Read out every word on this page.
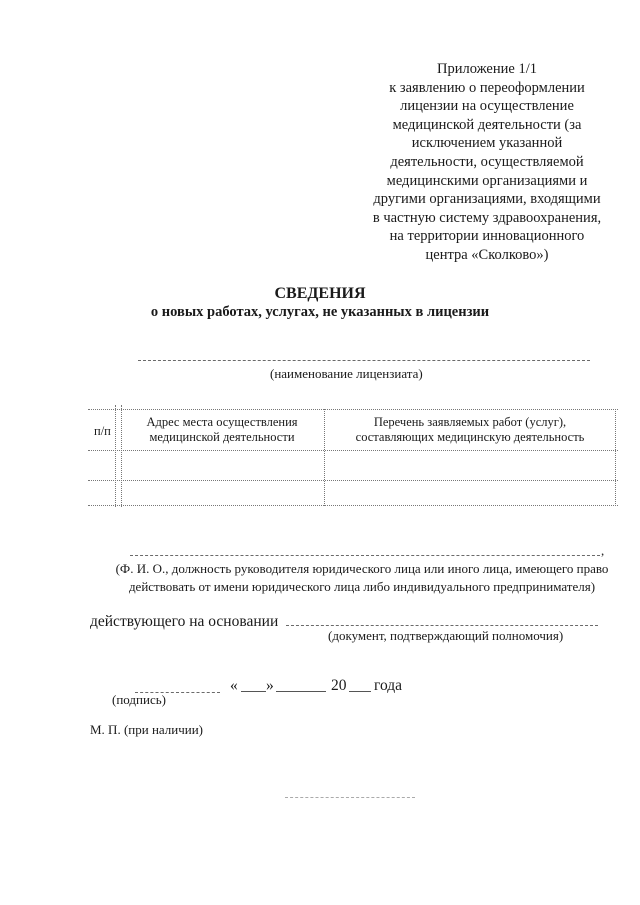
Приложение 1/1
к заявлению о переоформлении
лицензии на осуществление
медицинской деятельности (за
исключением указанной
деятельности, осуществляемой
медицинскими организациями и
другими организациями, входящими
в частную систему здравоохранения,
на территории инновационного
центра «Сколково»)
СВЕДЕНИЯ
о новых работах, услугах, не указанных в лицензии
(наименование лицензиата)
п/п
Адрес места осуществления
медицинской деятельности
Перечень заявляемых работ (услуг),
составляющих медицинскую деятельность
,
(Ф. И. О., должность руководителя юридического лица или иного лица, имеющего право
действовать от имени юридического лица либо индивидуального предпринимателя)
действующего на основании
(документ, подтверждающий полномочия)
(подпись)
« »	20 года
М. П. (при наличии)
